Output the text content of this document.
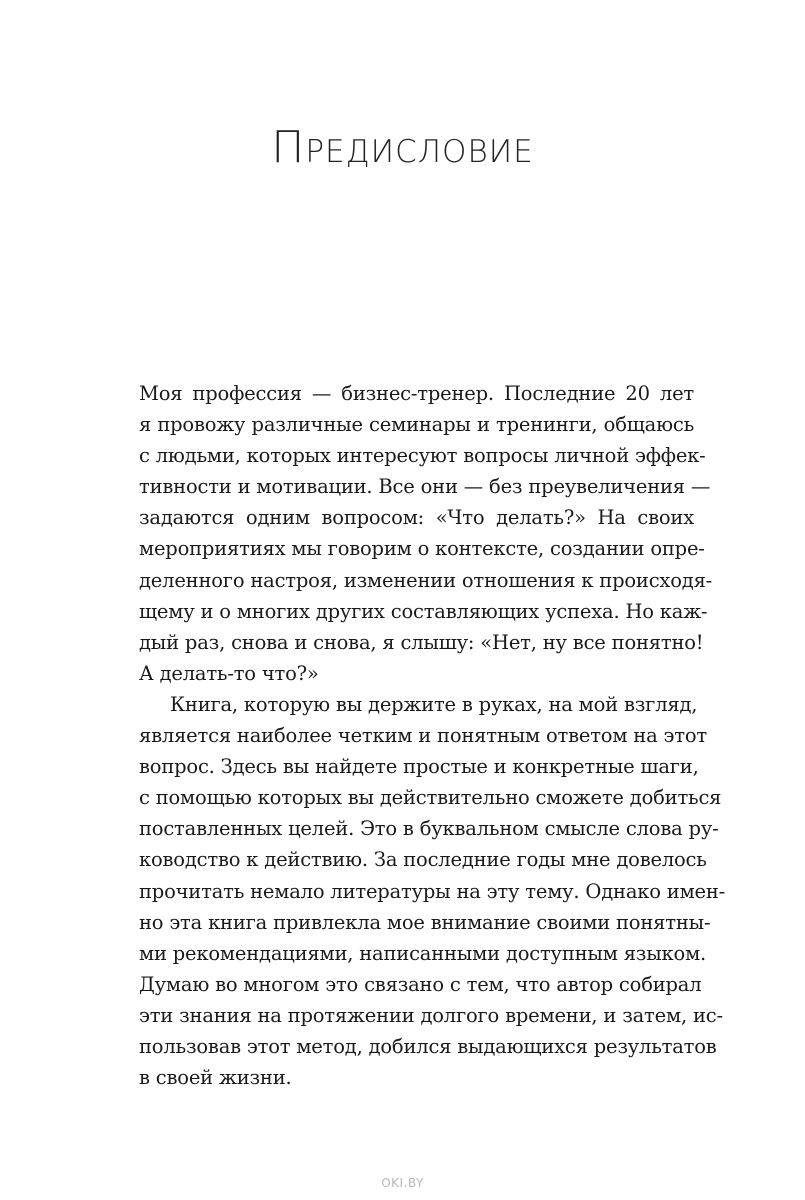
Предисловие
Моя профессия — бизнес-тренер. Последние 20 лет
я провожу различные семинары и тренинги, общаюсь
с людьми, которых интересуют вопросы личной эффек-
тивности и мотивации. Все они — без преувеличения —
задаются одним вопросом: «Что делать?» На своих
мероприятиях мы говорим о контексте, создании опре-
деленного настроя, изменении отношения к происходя-
щему и о многих других составляющих успеха. Но каж-
дый раз, снова и снова, я слышу: «Нет, ну все понятно!
А делать-то что?»
Книга, которую вы держите в руках, на мой взгляд,
является наиболее четким и понятным ответом на этот
вопрос. Здесь вы найдете простые и конкретные шаги,
с помощью которых вы действительно сможете добиться
поставленных целей. Это в буквальном смысле слова ру-
ководство к действию. За последние годы мне довелось
прочитать немало литературы на эту тему. Однако имен-
но эта книга привлекла мое внимание своими понятны-
ми рекомендациями, написанными доступным языком.
Думаю во многом это связано с тем, что автор собирал
эти знания на протяжении долгого времени, и затем, ис-
пользовав этот метод, добился выдающихся результатов
в своей жизни.
OKI.BY
